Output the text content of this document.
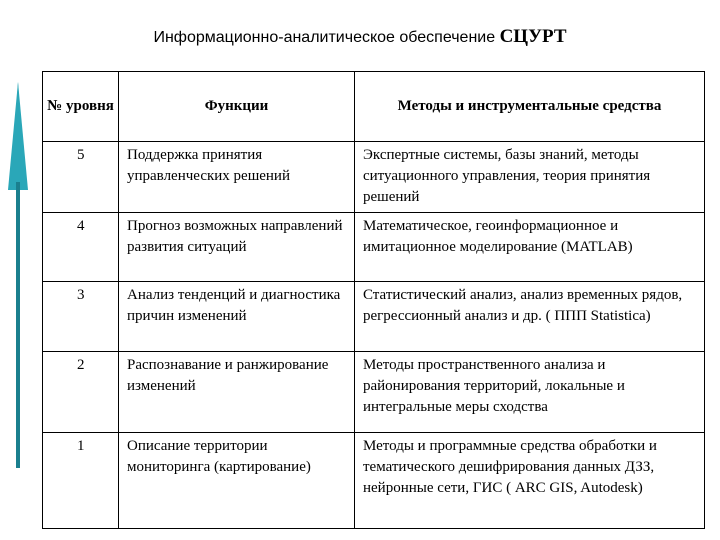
Информационно-аналитическое обеспечение СЦУРТ
№ уровня	Функции	Методы и инструментальные средства
5	Поддержка принятия управленческих решений	Экспертные системы, базы знаний, методы ситуационного управления, теория принятия решений
4	Прогноз возможных направлений развития ситуаций	Математическое, геоинформационное и имитационное моделирование (MATLAB)
3	Анализ тенденций и диагностика причин изменений	Статистический анализ, анализ временных рядов, регрессионный анализ и др. ( ППП Statistica)
2	Распознавание и ранжирование изменений	Методы пространственного анализа и районирования территорий, локальные и интегральные меры сходства
1	Описание территории мониторинга (картирование)	Методы и программные средства обработки и тематического дешифрирования данных ДЗЗ, нейронные сети, ГИС ( ARC GIS, Autodesk)
